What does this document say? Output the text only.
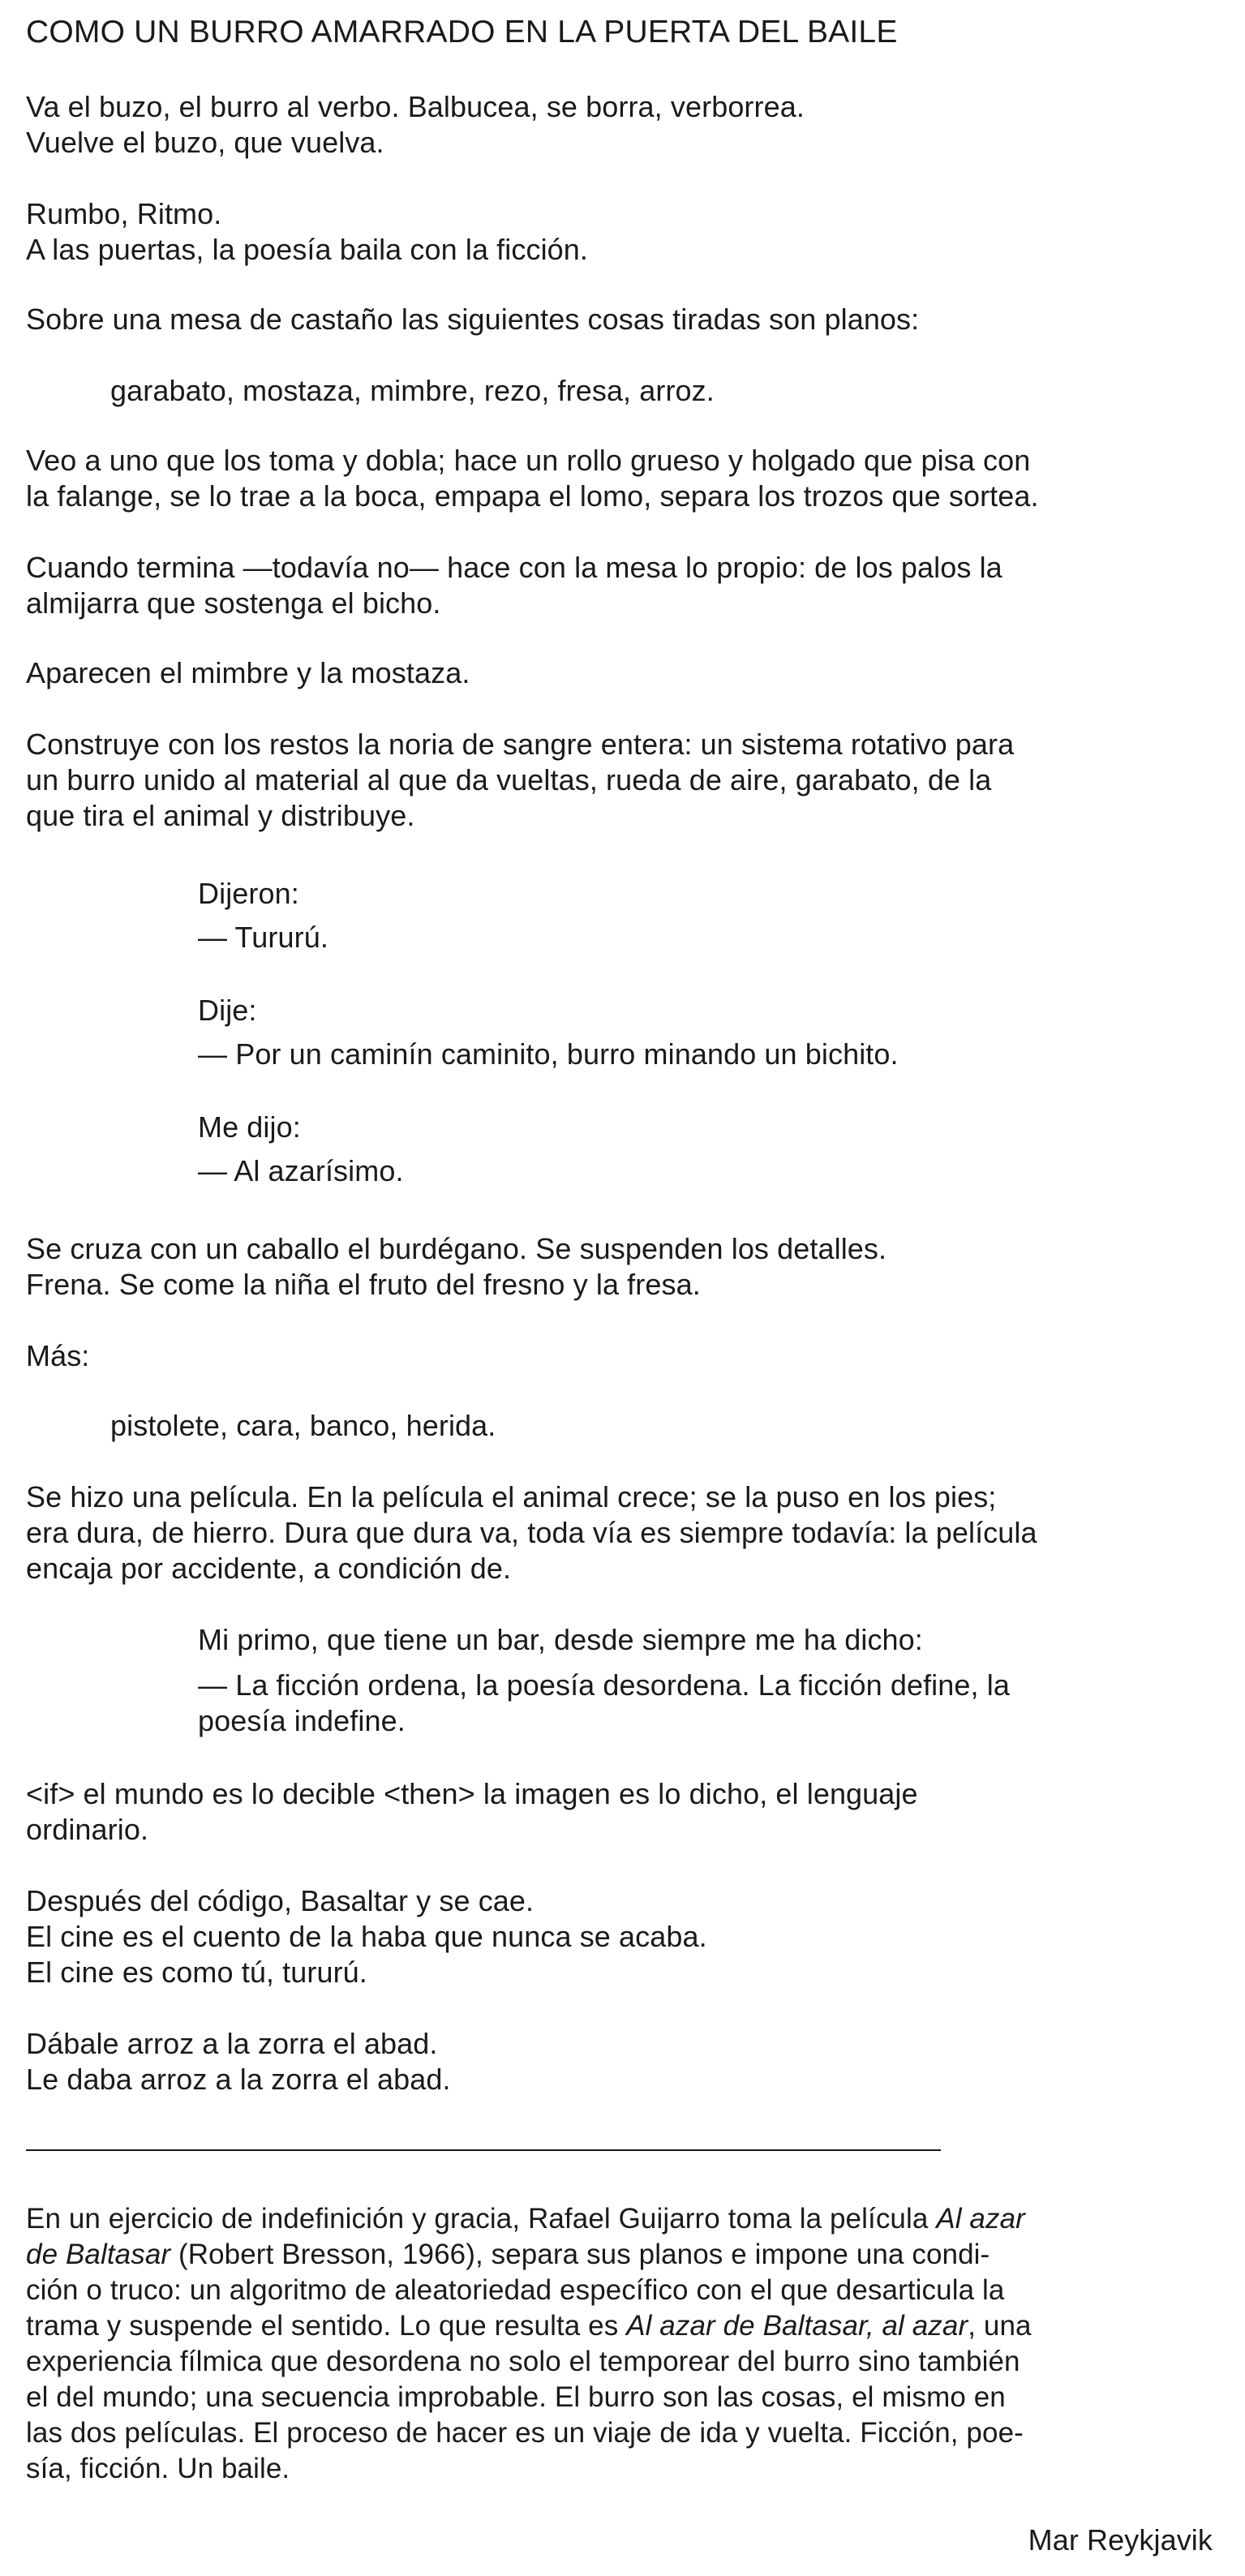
COMO UN BURRO AMARRADO EN LA PUERTA DEL BAILE
Va el buzo, el burro al verbo. Balbucea, se borra, verborrea.
Vuelve el buzo, que vuelva.
Rumbo, Ritmo.
A las puertas, la poesía baila con la ficción.
Sobre una mesa de castaño las siguientes cosas tiradas son planos:
garabato, mostaza, mimbre, rezo, fresa, arroz.
Veo a uno que los toma y dobla; hace un rollo grueso y holgado que pisa con
la falange, se lo trae a la boca, empapa el lomo, separa los trozos que sortea.
Cuando termina —todavía no— hace con la mesa lo propio: de los palos la
almijarra que sostenga el bicho.
Aparecen el mimbre y la mostaza.
Construye con los restos la noria de sangre entera: un sistema rotativo para
un burro unido al material al que da vueltas, rueda de aire, garabato, de la
que tira el animal y distribuye.
Dijeron:
— Tururú.
Dije:
— Por un caminín caminito, burro minando un bichito.
Me dijo:
— Al azarísimo.
Se cruza con un caballo el burdégano. Se suspenden los detalles.
Frena. Se come la niña el fruto del fresno y la fresa.
Más:
pistolete, cara, banco, herida.
Se hizo una película. En la película el animal crece; se la puso en los pies;
era dura, de hierro. Dura que dura va, toda vía es siempre todavía: la película
encaja por accidente, a condición de.
Mi primo, que tiene un bar, desde siempre me ha dicho:
— La ficción ordena, la poesía desordena. La ficción define, la
poesía indefine.
<if> el mundo es lo decible <then> la imagen es lo dicho, el lenguaje
ordinario.
Después del código, Basaltar y se cae.
El cine es el cuento de la haba que nunca se acaba.
El cine es como tú, tururú.
Dábale arroz a la zorra el abad.
Le daba arroz a la zorra el abad.
En un ejercicio de indefinición y gracia, Rafael Guijarro toma la película Al azar
de Baltasar (Robert Bresson, 1966), separa sus planos e impone una condi-
ción o truco: un algoritmo de aleatoriedad específico con el que desarticula la
trama y suspende el sentido. Lo que resulta es Al azar de Baltasar, al azar, una
experiencia fílmica que desordena no solo el temporear del burro sino también
el del mundo; una secuencia improbable. El burro son las cosas, el mismo en
las dos películas. El proceso de hacer es un viaje de ida y vuelta. Ficción, poe-
sía, ficción. Un baile.
Mar Reykjavik
